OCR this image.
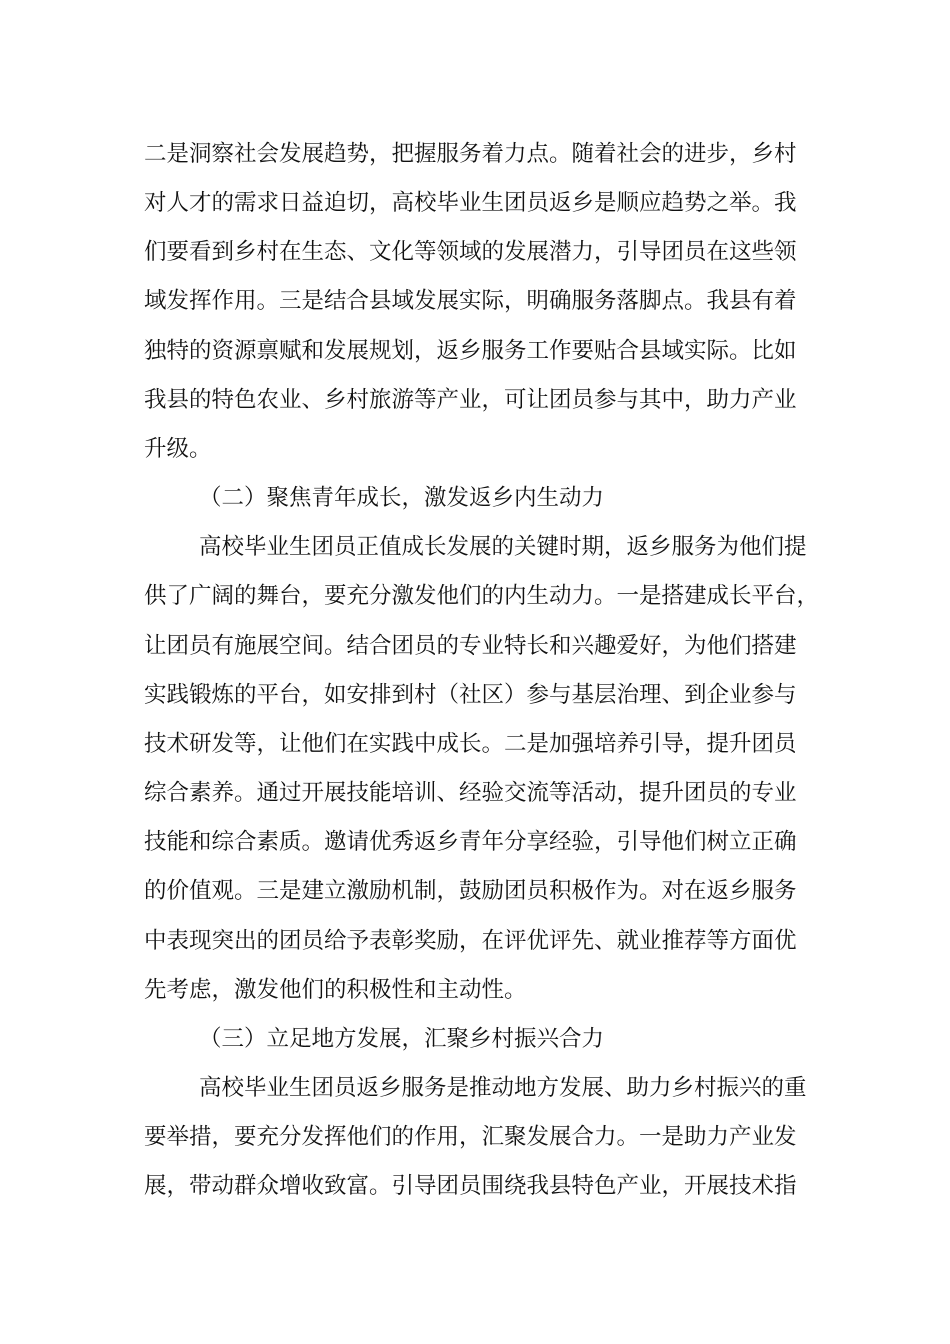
二是洞察社会发展趋势，把握服务着力点。随着社会的进步，乡村
对人才的需求日益迫切，高校毕业生团员返乡是顺应趋势之举。我
们要看到乡村在生态、文化等领域的发展潜力，引导团员在这些领
域发挥作用。三是结合县域发展实际，明确服务落脚点。我县有着
独特的资源禀赋和发展规划，返乡服务工作要贴合县域实际。比如
我县的特色农业、乡村旅游等产业，可让团员参与其中，助力产业
升级。
（二）聚焦青年成长，激发返乡内生动力
高校毕业生团员正值成长发展的关键时期，返乡服务为他们提
供了广阔的舞台，要充分激发他们的内生动力。一是搭建成长平台，
让团员有施展空间。结合团员的专业特长和兴趣爱好，为他们搭建
实践锻炼的平台，如安排到村（社区）参与基层治理、到企业参与
技术研发等，让他们在实践中成长。二是加强培养引导，提升团员
综合素养。通过开展技能培训、经验交流等活动，提升团员的专业
技能和综合素质。邀请优秀返乡青年分享经验，引导他们树立正确
的价值观。三是建立激励机制，鼓励团员积极作为。对在返乡服务
中表现突出的团员给予表彰奖励，在评优评先、就业推荐等方面优
先考虑，激发他们的积极性和主动性。
（三）立足地方发展，汇聚乡村振兴合力
高校毕业生团员返乡服务是推动地方发展、助力乡村振兴的重
要举措，要充分发挥他们的作用，汇聚发展合力。一是助力产业发
展，带动群众增收致富。引导团员围绕我县特色产业，开展技术指
